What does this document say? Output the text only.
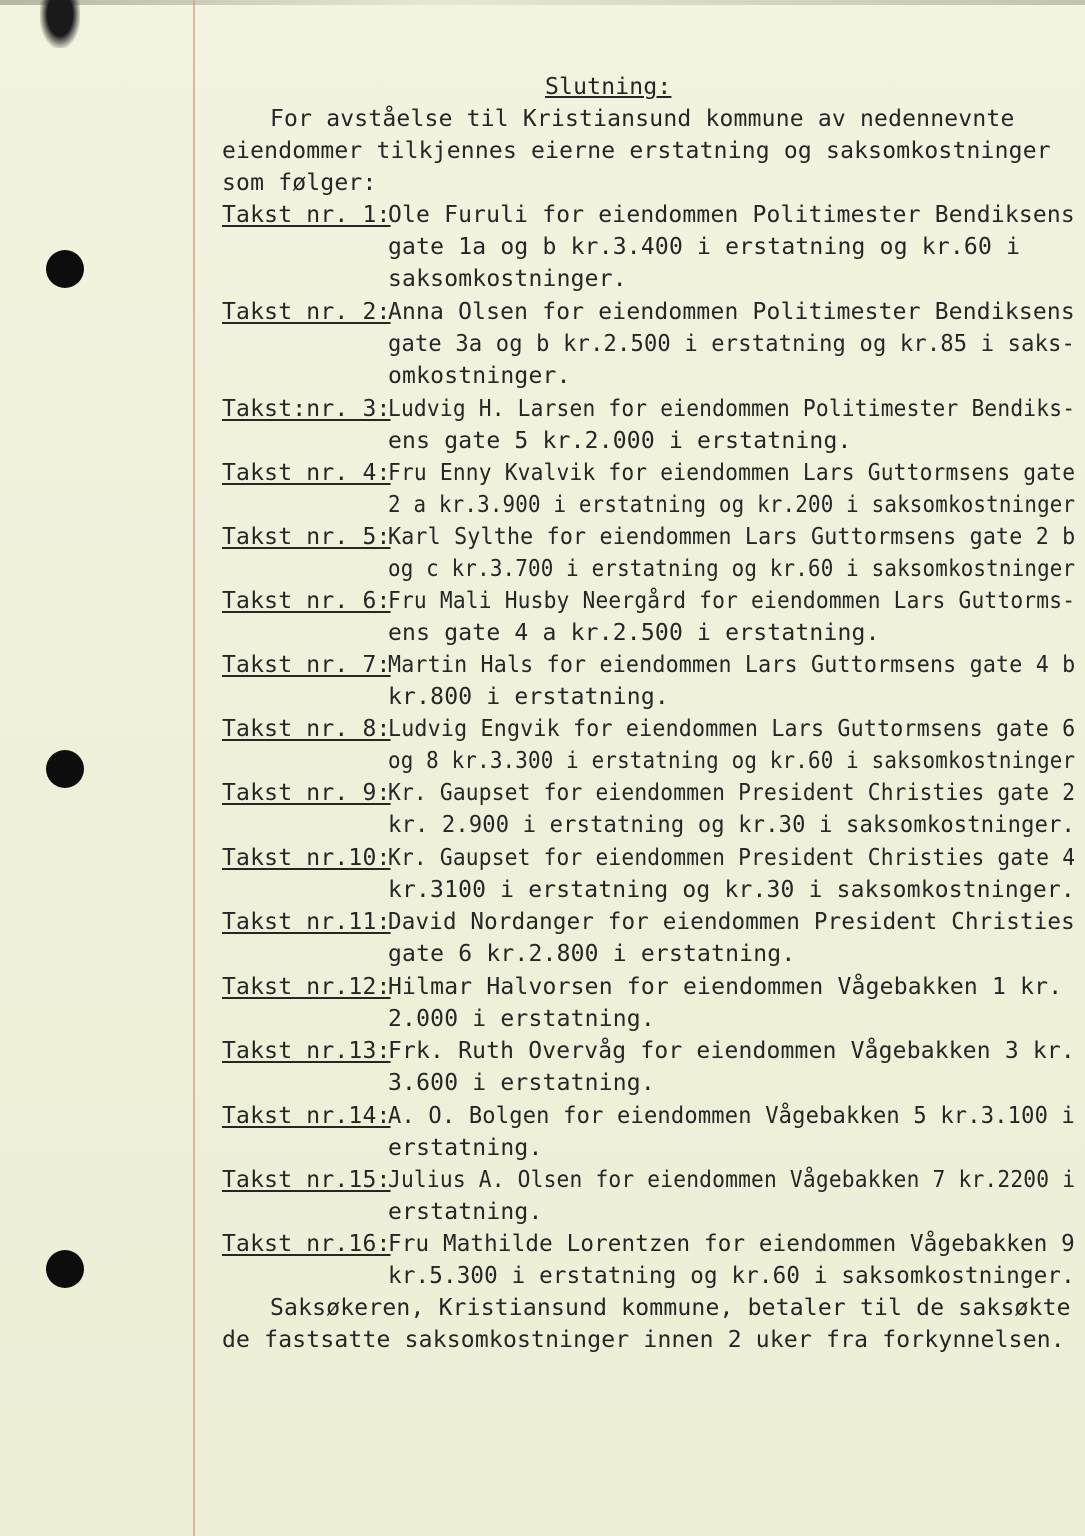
Slutning:
For avståelse til Kristiansund kommune av nedennevnte
eiendommer tilkjennes eierne erstatning og saksomkostninger
som følger:
Takst nr. 1:
Ole Furuli for eiendommen Politimester Bendiksens
gate 1a og b kr.3.400 i erstatning og kr.60 i
saksomkostninger.
Takst nr. 2:
Anna Olsen for eiendommen Politimester Bendiksens
gate 3a og b kr.2.500 i erstatning og kr.85 i saks-
omkostninger.
Takst:nr. 3:
Ludvig H. Larsen for eiendommen Politimester Bendiks-
ens gate 5 kr.2.000 i erstatning.
Takst nr. 4:
Fru Enny Kvalvik for eiendommen Lars Guttormsens gate
2 a kr.3.900 i erstatning og kr.200 i saksomkostninger
Takst nr. 5:
Karl Sylthe for eiendommen Lars Guttormsens gate 2 b
og c kr.3.700 i erstatning og kr.60 i saksomkostninger
Takst nr. 6:
Fru Mali Husby Neergård for eiendommen Lars Guttorms-
ens gate 4 a kr.2.500 i erstatning.
Takst nr. 7:
Martin Hals for eiendommen Lars Guttormsens gate 4 b
kr.800 i erstatning.
Takst nr. 8:
Ludvig Engvik for eiendommen Lars Guttormsens gate 6
og 8 kr.3.300 i erstatning og kr.60 i saksomkostninger
Takst nr. 9:
Kr. Gaupset for eiendommen President Christies gate 2
kr. 2.900 i erstatning og kr.30 i saksomkostninger.
Takst nr.10:
Kr. Gaupset for eiendommen President Christies gate 4
kr.3100 i erstatning og kr.30 i saksomkostninger.
Takst nr.11:
David Nordanger for eiendommen President Christies
gate 6 kr.2.800 i erstatning.
Takst nr.12:
Hilmar Halvorsen for eiendommen Vågebakken 1 kr.
2.000 i erstatning.
Takst nr.13:
Frk. Ruth Overvåg for eiendommen Vågebakken 3 kr.
3.600 i erstatning.
Takst nr.14:
A. O. Bolgen for eiendommen Vågebakken 5 kr.3.100 i
erstatning.
Takst nr.15:
Julius A. Olsen for eiendommen Vågebakken 7 kr.2200 i
erstatning.
Takst nr.16:
Fru Mathilde Lorentzen for eiendommen Vågebakken 9
kr.5.300 i erstatning og kr.60 i saksomkostninger.
Saksøkeren, Kristiansund kommune, betaler til de saksøkte
de fastsatte saksomkostninger innen 2 uker fra forkynnelsen.
